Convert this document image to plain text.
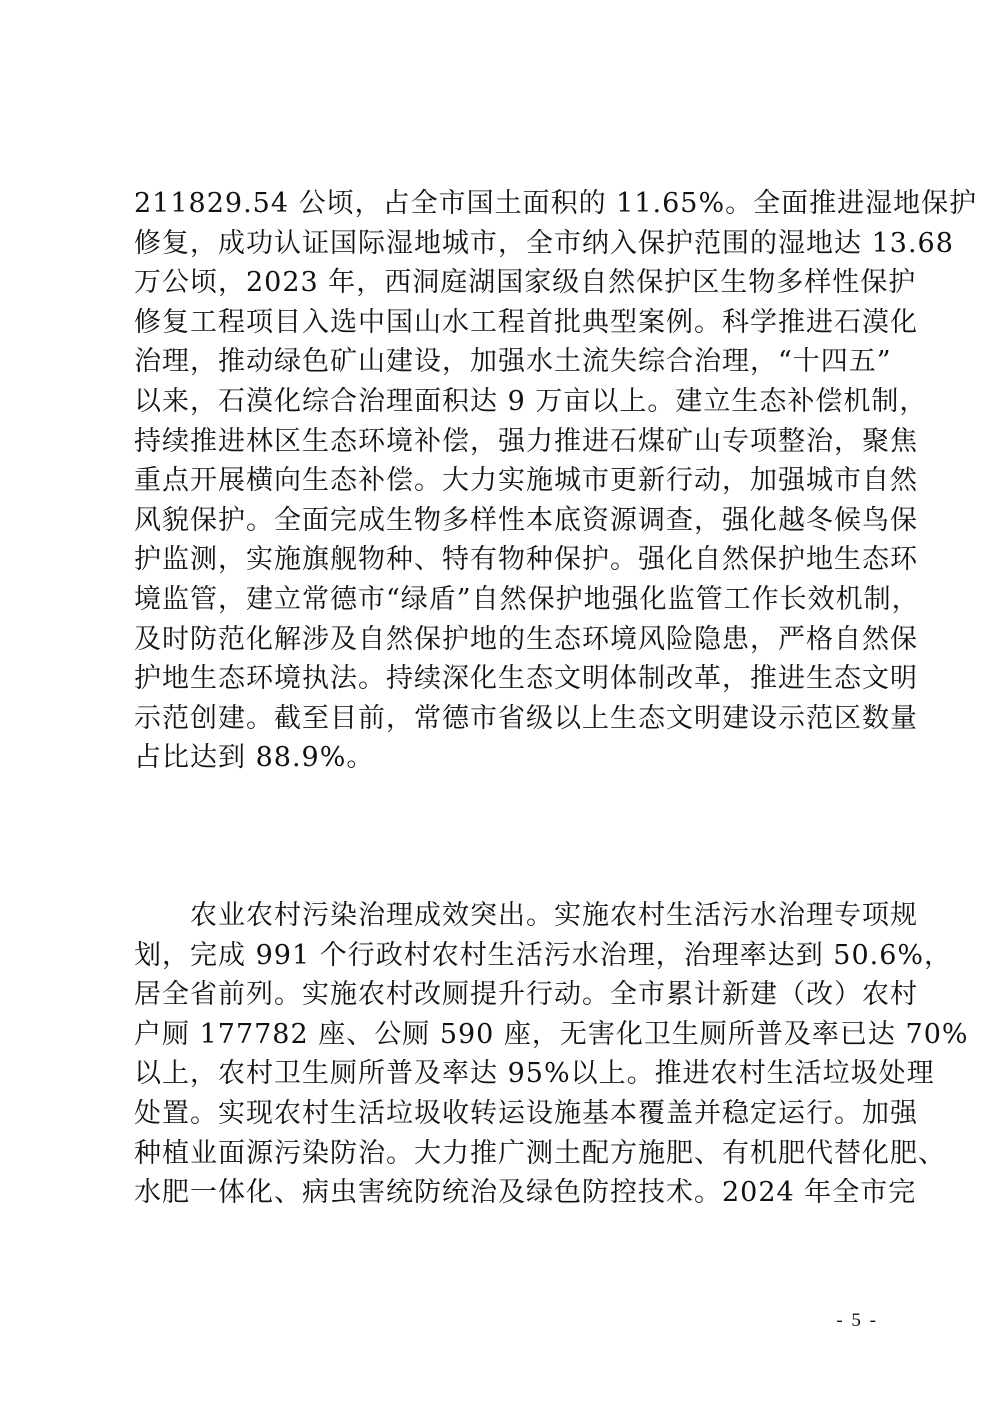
211829.54 公顷，占全市国土面积的 11.65%。全面推进湿地保护
修复，成功认证国际湿地城市，全市纳入保护范围的湿地达 13.68
万公顷，2023 年，西洞庭湖国家级自然保护区生物多样性保护
修复工程项目入选中国山水工程首批典型案例。科学推进石漠化
治理，推动绿色矿山建设，加强水土流失综合治理，“十四五”
以来，石漠化综合治理面积达 9 万亩以上。建立生态补偿机制，
持续推进林区生态环境补偿，强力推进石煤矿山专项整治，聚焦
重点开展横向生态补偿。大力实施城市更新行动，加强城市自然
风貌保护。全面完成生物多样性本底资源调查，强化越冬候鸟保
护监测，实施旗舰物种、特有物种保护。强化自然保护地生态环
境监管，建立常德市“绿盾”自然保护地强化监管工作长效机制，
及时防范化解涉及自然保护地的生态环境风险隐患，严格自然保
护地生态环境执法。持续深化生态文明体制改革，推进生态文明
示范创建。截至目前，常德市省级以上生态文明建设示范区数量
占比达到 88.9%。
　　农业农村污染治理成效突出。实施农村生活污水治理专项规
划，完成 991 个行政村农村生活污水治理，治理率达到 50.6%，
居全省前列。实施农村改厕提升行动。全市累计新建（改）农村
户厕 177782 座、公厕 590 座，无害化卫生厕所普及率已达 70%
以上，农村卫生厕所普及率达 95%以上。推进农村生活垃圾处理
处置。实现农村生活垃圾收转运设施基本覆盖并稳定运行。加强
种植业面源污染防治。大力推广测土配方施肥、有机肥代替化肥、
水肥一体化、病虫害统防统治及绿色防控技术。2024 年全市完
- 5 -
